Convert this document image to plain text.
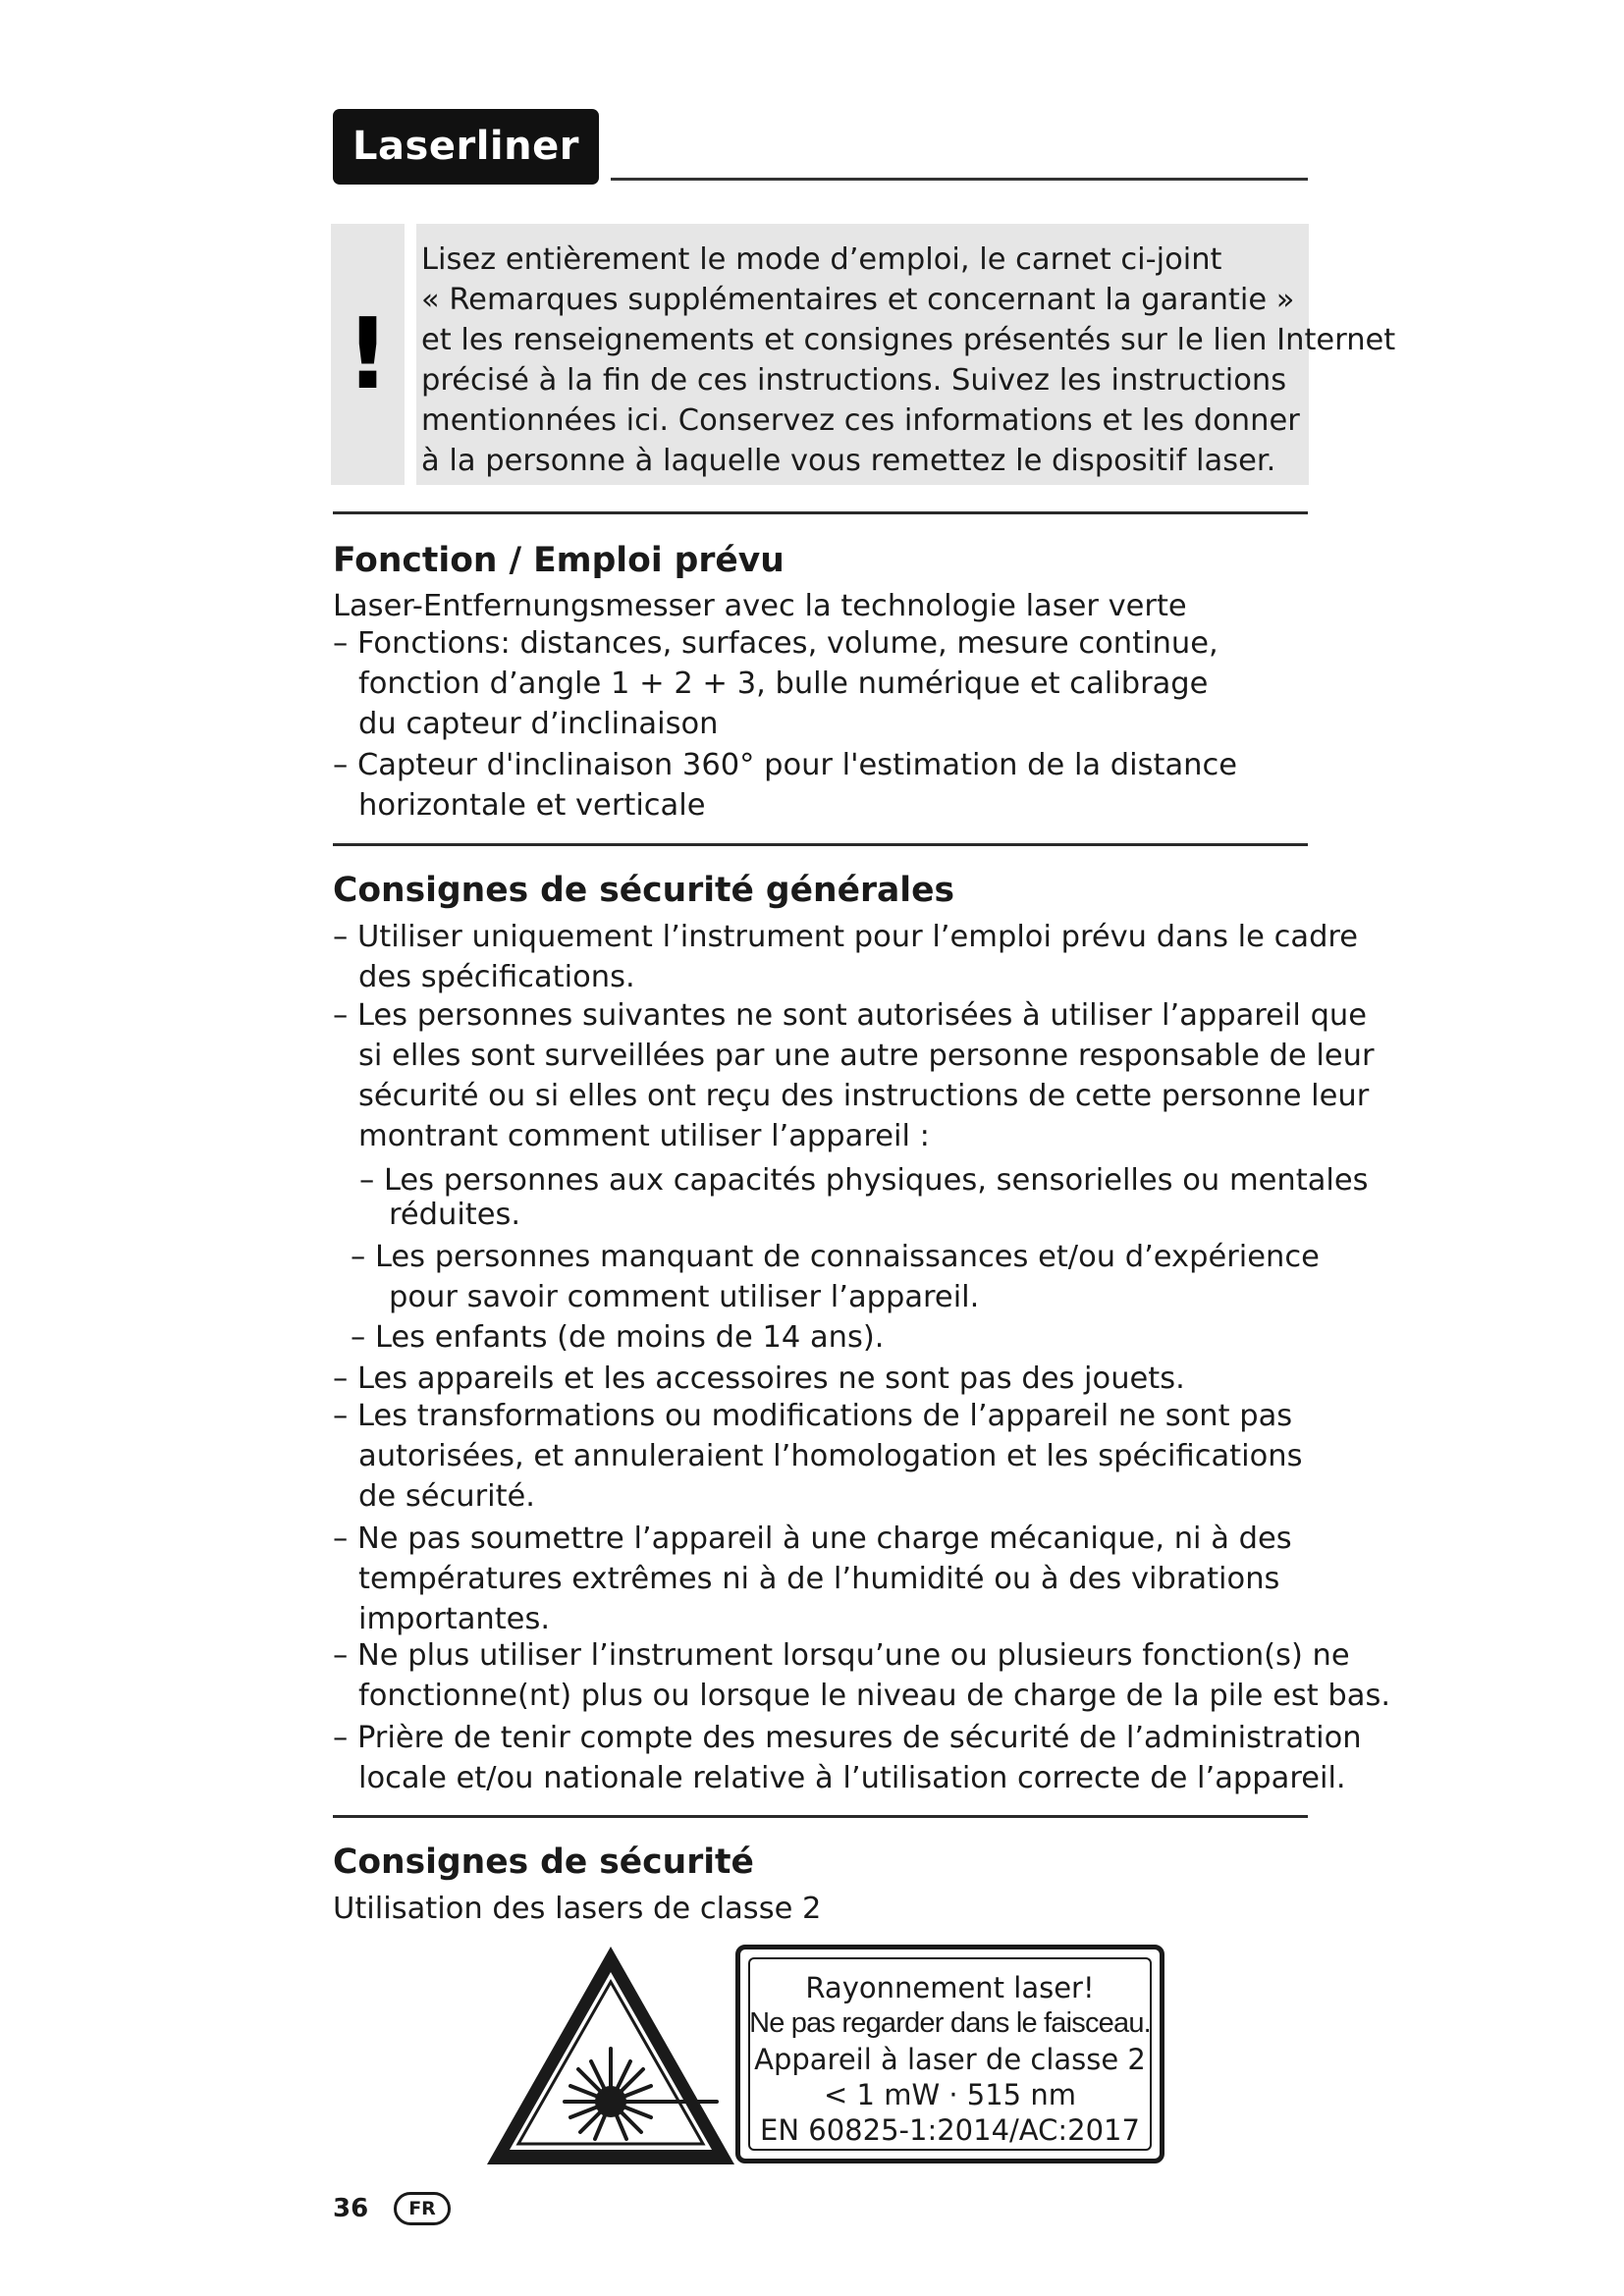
Laserliner
!
Lisez entièrement le mode d’emploi, le carnet ci-joint
« Remarques supplémentaires et concernant la garantie »
et les renseignements et consignes présentés sur le lien Internet
précisé à la fin de ces instructions. Suivez les instructions
mentionnées ici. Conservez ces informations et les donner
à la personne à laquelle vous remettez le dispositif laser.
Fonction / Emploi prévu
Laser-Entfernungsmesser avec la technologie laser verte
– Fonctions: distances, surfaces, volume, mesure continue,
fonction d’angle 1 + 2 + 3, bulle numérique et calibrage
du capteur d’inclinaison
– Capteur d'inclinaison 360° pour l'estimation de la distance
horizontale et verticale
Consignes de sécurité générales
– Utiliser uniquement l’instrument pour l’emploi prévu dans le cadre
des spécifications.
– Les personnes suivantes ne sont autorisées à utiliser l’appareil que
si elles sont surveillées par une autre personne responsable de leur
sécurité ou si elles ont reçu des instructions de cette personne leur
montrant comment utiliser l’appareil :
– Les personnes aux capacités physiques, sensorielles ou mentales
réduites.
– Les personnes manquant de connaissances et/ou d’expérience
pour savoir comment utiliser l’appareil.
– Les enfants (de moins de 14 ans).
– Les appareils et les accessoires ne sont pas des jouets.
– Les transformations ou modifications de l’appareil ne sont pas
autorisées, et annuleraient l’homologation et les spécifications
de sécurité.
– Ne pas soumettre l’appareil à une charge mécanique, ni à des
températures extrêmes ni à de l’humidité ou à des vibrations
importantes.
– Ne plus utiliser l’instrument lorsqu’une ou plusieurs fonction(s) ne
fonctionne(nt) plus ou lorsque le niveau de charge de la pile est bas.
– Prière de tenir compte des mesures de sécurité de l’administration
locale et/ou nationale relative à l’utilisation correcte de l’appareil.
Consignes de sécurité
Utilisation des lasers de classe 2
Rayonnement laser!
Ne pas regarder dans le faisceau.
Appareil à laser de classe 2
< 1 mW · 515 nm
EN 60825-1:2014/AC:2017
36	FR
